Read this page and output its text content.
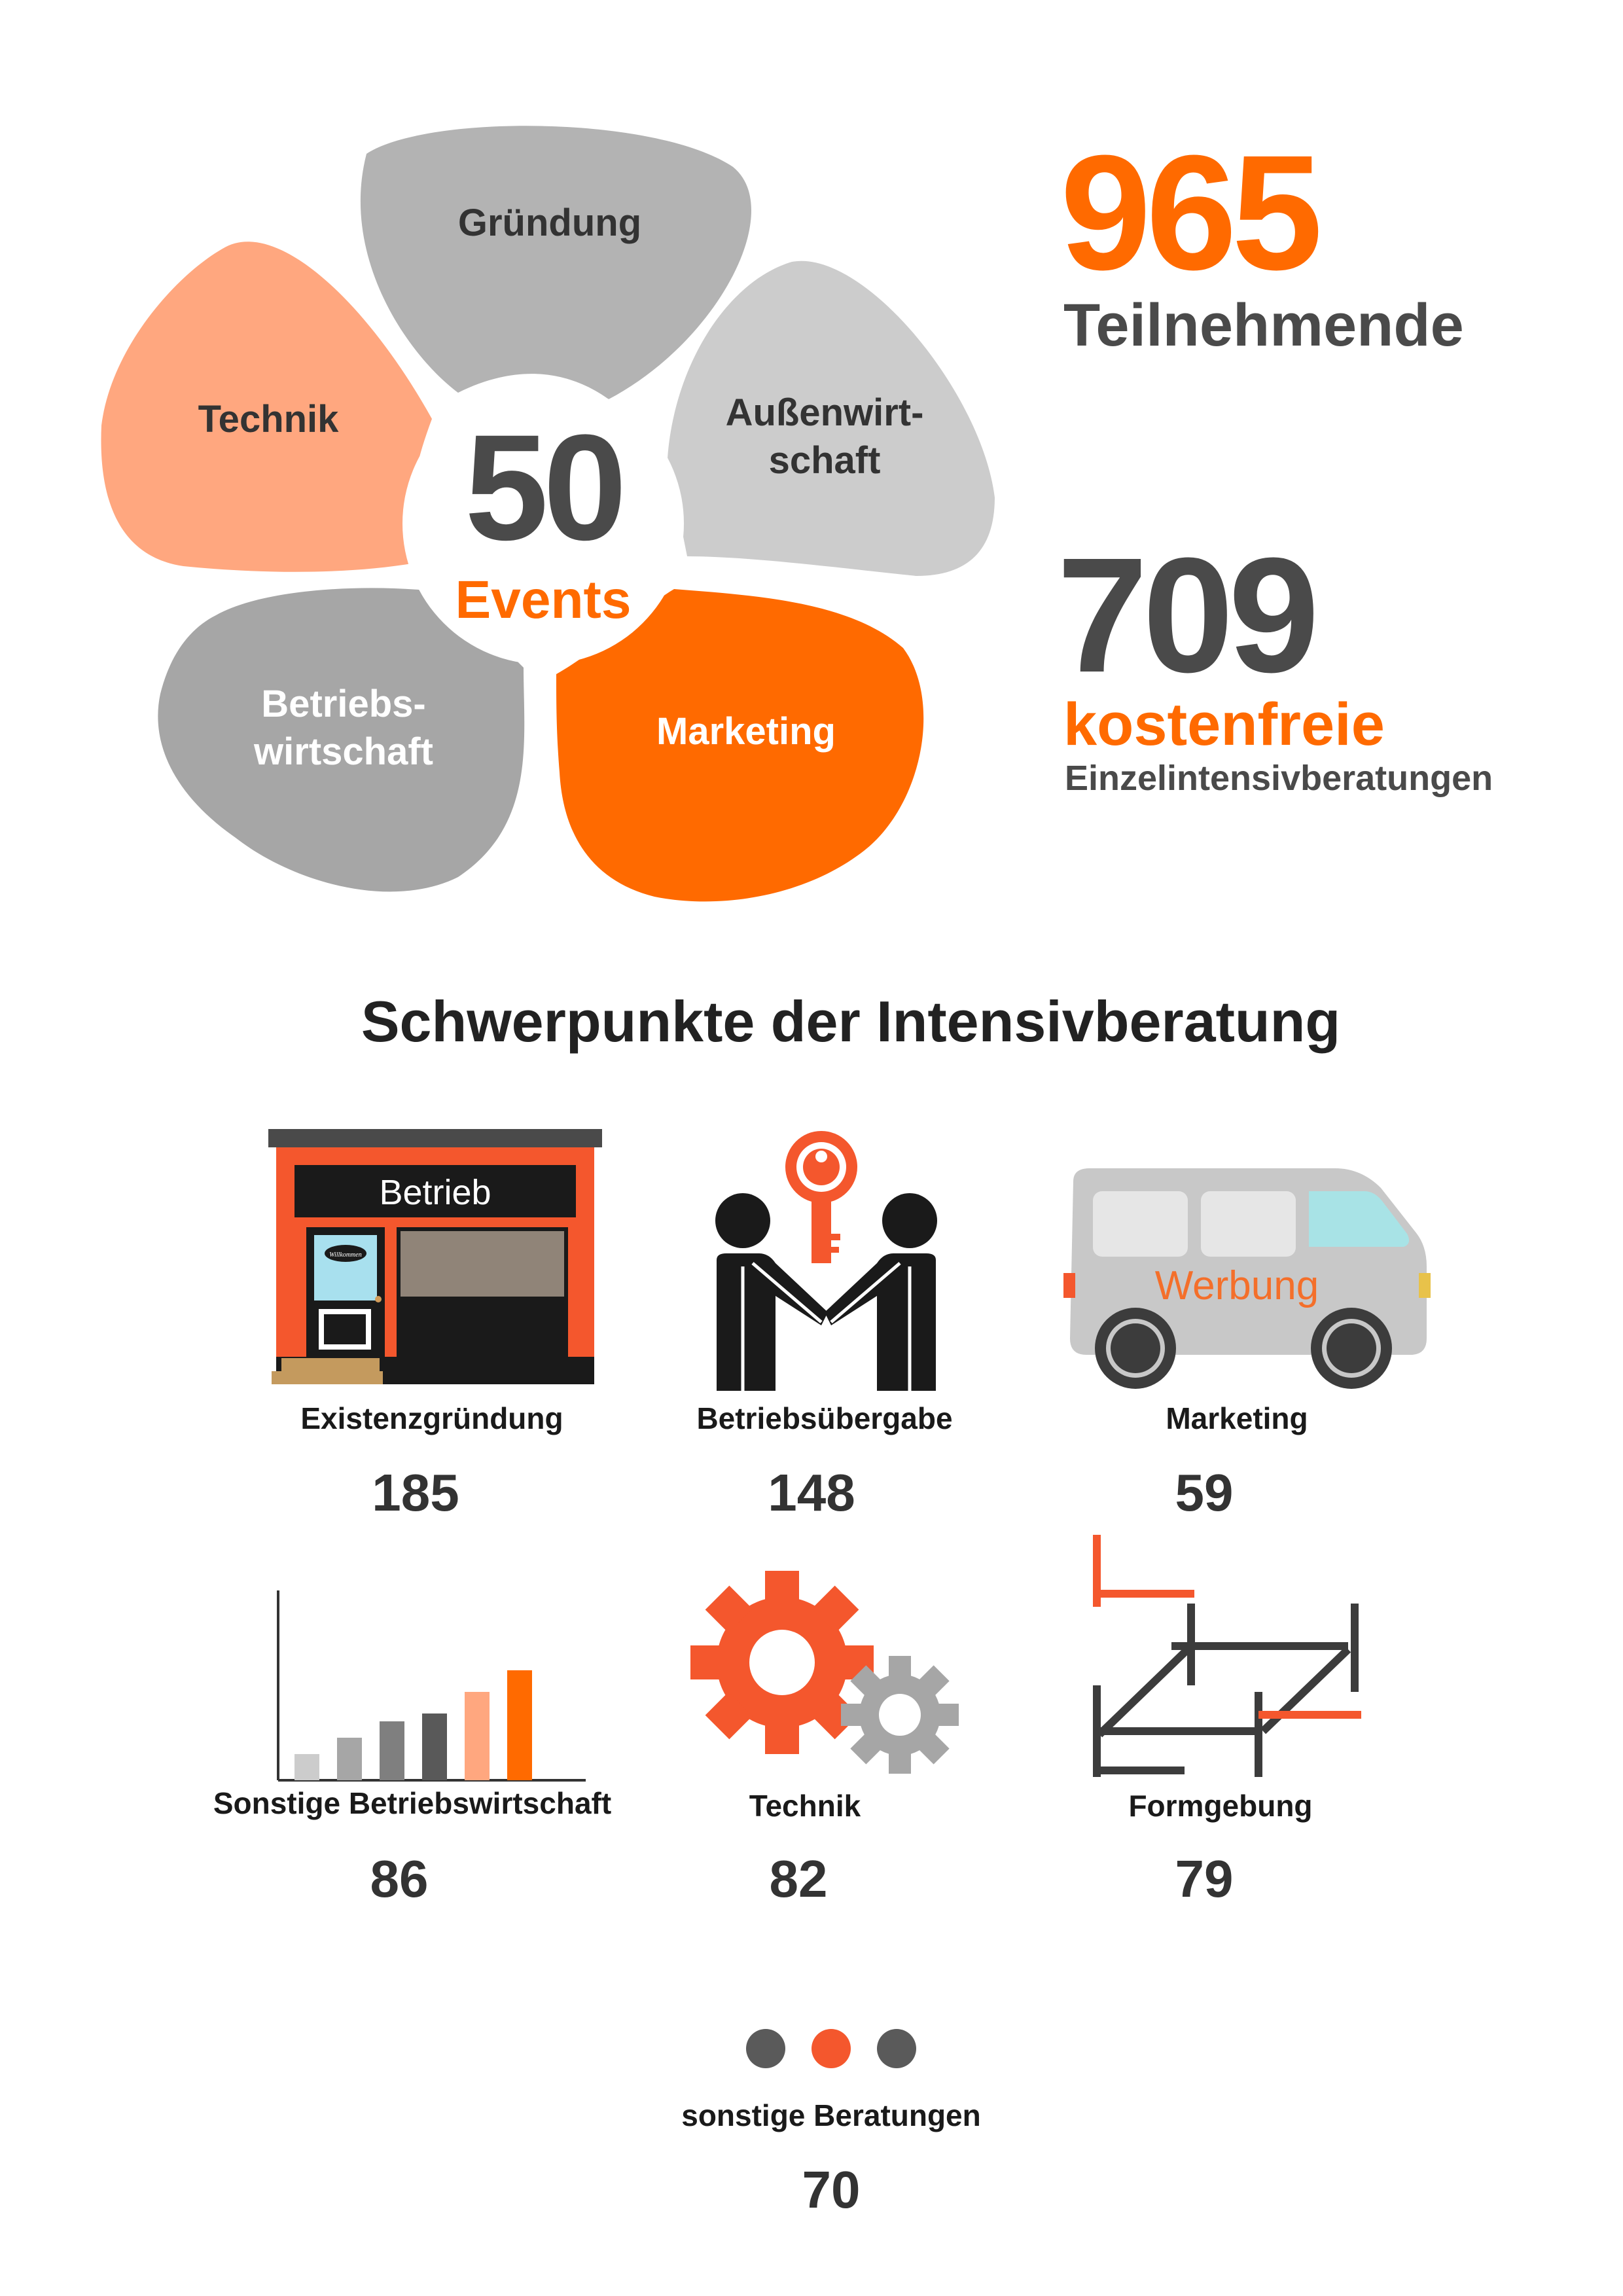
50
Events
Gründung
Außenwirt-
schaft
Technik
Betriebs-
wirtschaft	Marketing
965
Teilnehmende
709
kostenfreie
Einzelintensivberatungen
Schwerpunkte der Intensivberatung
Betrieb
Willkommen
Werbung
Existenzgründung
185
Betriebsübergabe
148
Marketing
59
Sonstige Betriebswirtschaft
86
Technik
82
Formgebung
79
sonstige Beratungen
70
